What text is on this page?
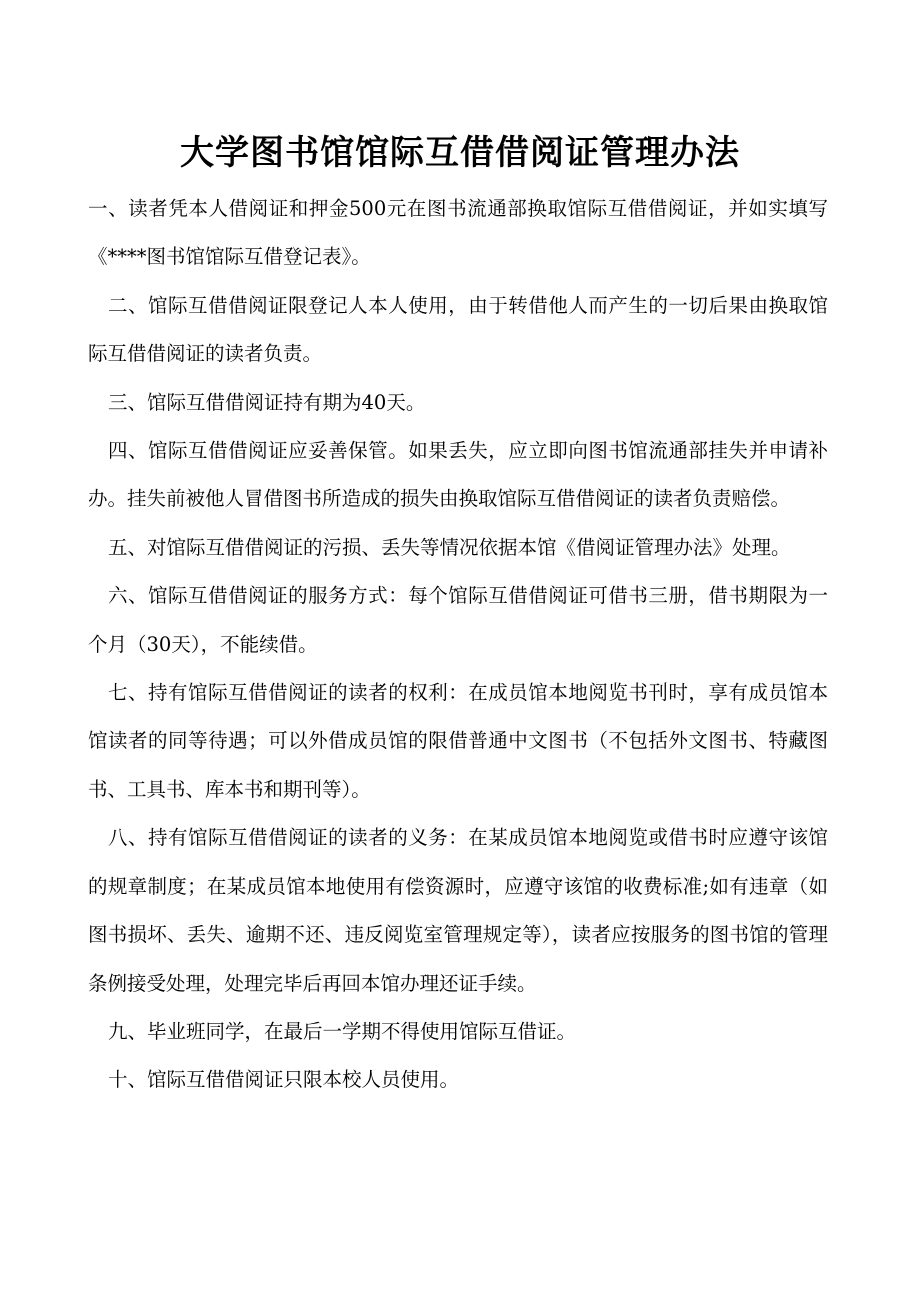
大学图书馆馆际互借借阅证管理办法

一、读者凭本人借阅证和押金500元在图书流通部换取馆际互借借阅证，并如实填写《****图书馆馆际互借登记表》。

二、馆际互借借阅证限登记人本人使用，由于转借他人而产生的一切后果由换取馆际互借借阅证的读者负责。

三、馆际互借借阅证持有期为40天。

四、馆际互借借阅证应妥善保管。如果丢失，应立即向图书馆流通部挂失并申请补办。挂失前被他人冒借图书所造成的损失由换取馆际互借借阅证的读者负责赔偿。

五、对馆际互借借阅证的污损、丢失等情况依据本馆《借阅证管理办法》处理。

六、馆际互借借阅证的服务方式：每个馆际互借借阅证可借书三册，借书期限为一个月（30天），不能续借。

七、持有馆际互借借阅证的读者的权利：在成员馆本地阅览书刊时，享有成员馆本馆读者的同等待遇；可以外借成员馆的限借普通中文图书（不包括外文图书、特藏图书、工具书、库本书和期刊等）。

八、持有馆际互借借阅证的读者的义务：在某成员馆本地阅览或借书时应遵守该馆的规章制度；在某成员馆本地使用有偿资源时，应遵守该馆的收费标准;如有违章（如图书损坏、丢失、逾期不还、违反阅览室管理规定等），读者应按服务的图书馆的管理条例接受处理，处理完毕后再回本馆办理还证手续。

九、毕业班同学，在最后一学期不得使用馆际互借证。

十、馆际互借借阅证只限本校人员使用。
